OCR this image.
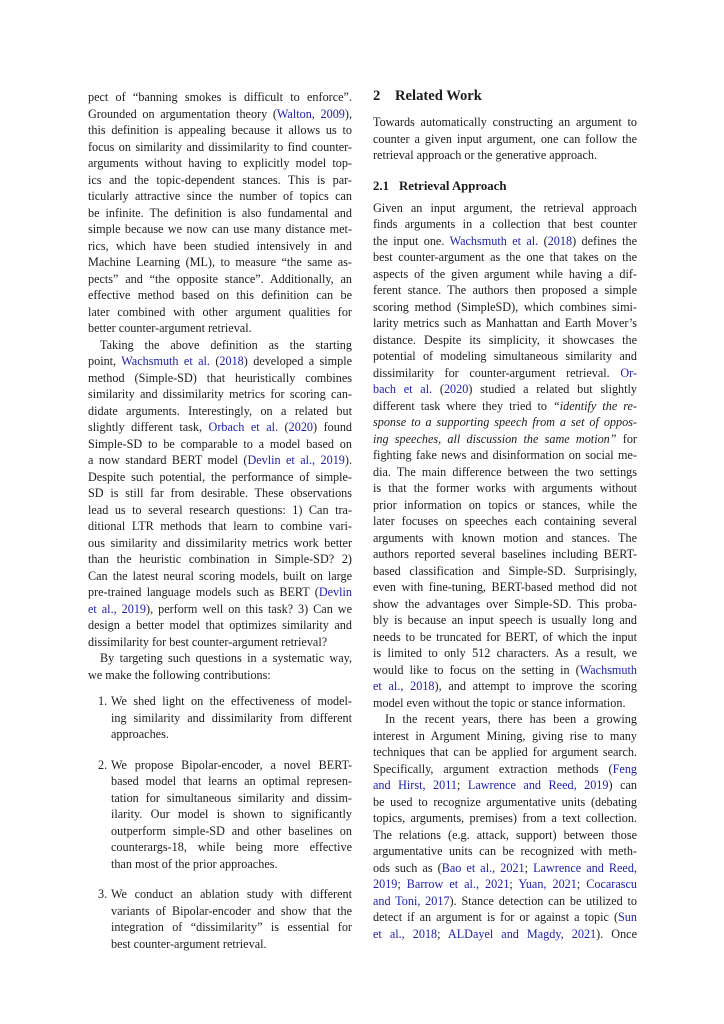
pect of “banning smokes is difficult to enforce”.
Grounded on argumentation theory (Walton, 2009),
this definition is appealing because it allows us to
focus on similarity and dissimilarity to find counter-
arguments without having to explicitly model top-
ics and the topic-dependent stances. This is par-
ticularly attractive since the number of topics can
be infinite. The definition is also fundamental and
simple because we now can use many distance met-
rics, which have been studied intensively in and
Machine Learning (ML), to measure “the same as-
pects” and “the opposite stance”. Additionally, an
effective method based on this definition can be
later combined with other argument qualities for
better counter-argument retrieval.
Taking the above definition as the starting
point, Wachsmuth et al. (2018) developed a simple
method (Simple-SD) that heuristically combines
similarity and dissimilarity metrics for scoring can-
didate arguments. Interestingly, on a related but
slightly different task, Orbach et al. (2020) found
Simple-SD to be comparable to a model based on
a now standard BERT model (Devlin et al., 2019).
Despite such potential, the performance of simple-
SD is still far from desirable. These observations
lead us to several research questions: 1) Can tra-
ditional LTR methods that learn to combine vari-
ous similarity and dissimilarity metrics work better
than the heuristic combination in Simple-SD? 2)
Can the latest neural scoring models, built on large
pre-trained language models such as BERT (Devlin
et al., 2019), perform well on this task? 3) Can we
design a better model that optimizes similarity and
dissimilarity for best counter-argument retrieval?
By targeting such questions in a systematic way,
we make the following contributions:
1. We shed light on the effectiveness of model-
ing similarity and dissimilarity from different
approaches.
2. We propose Bipolar-encoder, a novel BERT-
based model that learns an optimal represen-
tation for simultaneous similarity and dissim-
ilarity. Our model is shown to significantly
outperform simple-SD and other baselines on
counterargs-18, while being more effective
than most of the prior approaches.
3. We conduct an ablation study with different
variants of Bipolar-encoder and show that the
integration of “dissimilarity” is essential for
best counter-argument retrieval.
2 Related Work
Towards automatically constructing an argument to
counter a given input argument, one can follow the
retrieval approach or the generative approach.
2.1 Retrieval Approach
Given an input argument, the retrieval approach
finds arguments in a collection that best counter
the input one. Wachsmuth et al. (2018) defines the
best counter-argument as the one that takes on the
aspects of the given argument while having a dif-
ferent stance. The authors then proposed a simple
scoring method (SimpleSD), which combines simi-
larity metrics such as Manhattan and Earth Mover’s
distance. Despite its simplicity, it showcases the
potential of modeling simultaneous similarity and
dissimilarity for counter-argument retrieval. Or-
bach et al. (2020) studied a related but slightly
different task where they tried to “identify the re-
sponse to a supporting speech from a set of oppos-
ing speeches, all discussion the same motion” for
fighting fake news and disinformation on social me-
dia. The main difference between the two settings
is that the former works with arguments without
prior information on topics or stances, while the
later focuses on speeches each containing several
arguments with known motion and stances. The
authors reported several baselines including BERT-
based classification and Simple-SD. Surprisingly,
even with fine-tuning, BERT-based method did not
show the advantages over Simple-SD. This proba-
bly is because an input speech is usually long and
needs to be truncated for BERT, of which the input
is limited to only 512 characters. As a result, we
would like to focus on the setting in (Wachsmuth
et al., 2018), and attempt to improve the scoring
model even without the topic or stance information.
In the recent years, there has been a growing
interest in Argument Mining, giving rise to many
techniques that can be applied for argument search.
Specifically, argument extraction methods (Feng
and Hirst, 2011; Lawrence and Reed, 2019) can
be used to recognize argumentative units (debating
topics, arguments, premises) from a text collection.
The relations (e.g. attack, support) between those
argumentative units can be recognized with meth-
ods such as (Bao et al., 2021; Lawrence and Reed,
2019; Barrow et al., 2021; Yuan, 2021; Cocarascu
and Toni, 2017). Stance detection can be utilized to
detect if an argument is for or against a topic (Sun
et al., 2018; ALDayel and Magdy, 2021). Once
